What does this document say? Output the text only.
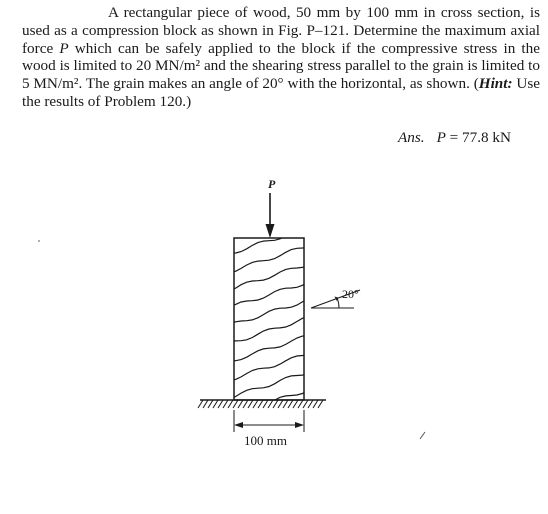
A rectangular piece of wood, 50 mm by 100 mm in cross section, is used as a compression block as shown in Fig. P–121. Determine the maximum axial force P which can be safely applied to the block if the compressive stress in the wood is limited to 20 MN/m² and the shearing stress parallel to the grain is limited to 5 MN/m². The grain makes an angle of 20° with the horizontal, as shown. (Hint: Use the results of Problem 120.)

Ans. P = 77.8 kN
P
20°
100 mm
